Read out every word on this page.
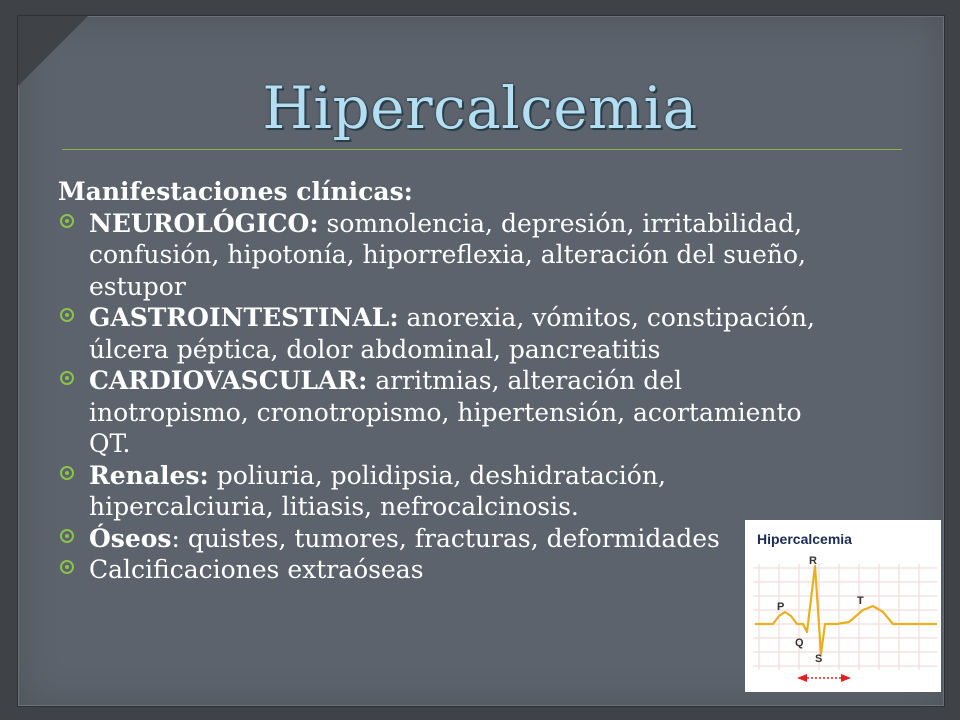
Hipercalcemia
Manifestaciones clínicas:
NEUROLÓGICO: somnolencia, depresión, irritabilidad, confusión, hipotonía, hiporreflexia, alteración del sueño, estupor
GASTROINTESTINAL: anorexia, vómitos, constipación, úlcera péptica, dolor abdominal, pancreatitis
CARDIOVASCULAR: arritmias, alteración del inotropismo, cronotropismo, hipertensión, acortamiento QT.
Renales: poliuria, polidipsia, deshidratación, hipercalciuria, litiasis, nefrocalcinosis.
Óseos: quistes, tumores, fracturas, deformidades
Calcificaciones extraóseas
Hipercalcemia
R
P	T
Q
S
